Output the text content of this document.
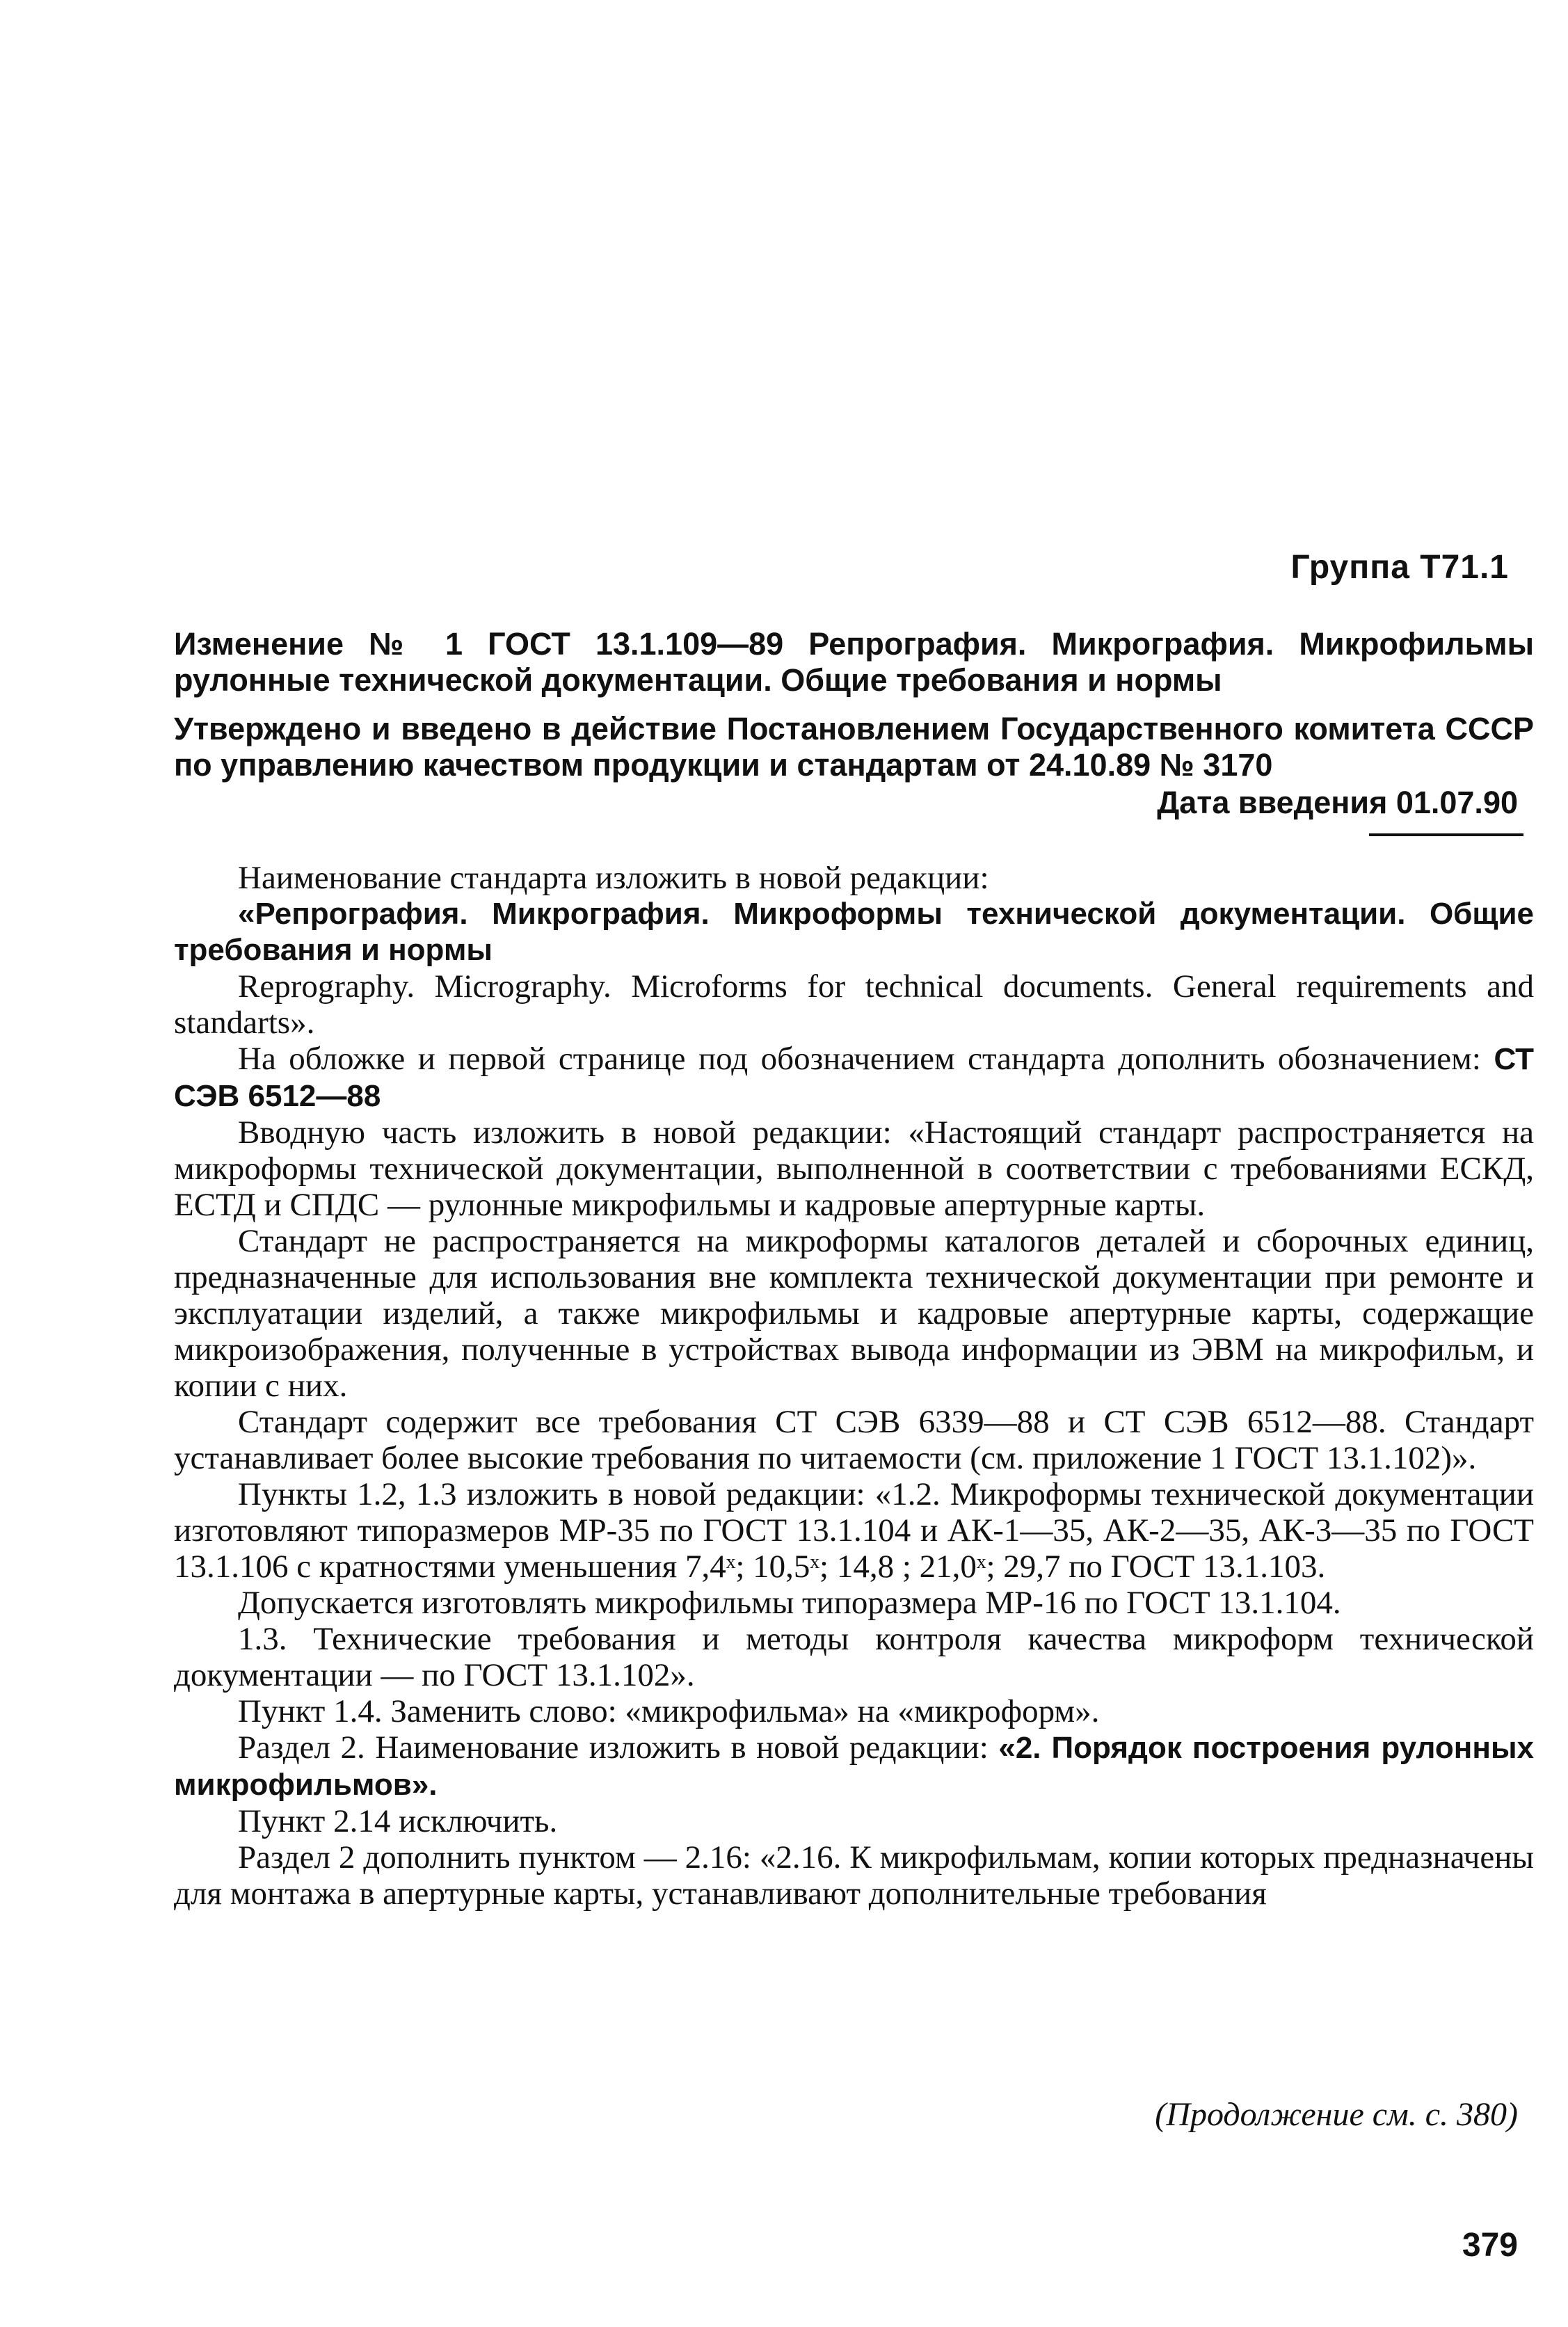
Группа Т71.1
Изменение № 1 ГОСТ 13.1.109—89 Репрография. Микрография. Микрофильмы рулонные технической документации. Общие требования и нормы
Утверждено и введено в действие Постановлением Государственного комитета СССР по управлению качеством продукции и стандартам от 24.10.89 № 3170
Дата введения 01.07.90

Наименование стандарта изложить в новой редакции:

«Репрография. Микрография. Микроформы технической документации. Общие требования и нормы

Reprography. Micrography. Microforms for technical documents. General requirements and standarts».

На обложке и первой странице под обозначением стандарта дополнить обозначением: СТ СЭВ 6512—88

Вводную часть изложить в новой редакции: «Настоящий стандарт распространяется на микроформы технической документации, выполненной в соответствии с требованиями ЕСКД, ЕСТД и СПДС — рулонные микрофильмы и кадровые апертурные карты.

Стандарт не распространяется на микроформы каталогов деталей и сборочных единиц, предназначенные для использования вне комплекта технической документации при ремонте и эксплуатации изделий, а также микрофильмы и кадровые апертурные карты, содержащие микроизображения, полученные в устройствах вывода информации из ЭВМ на микрофильм, и копии с них.

Стандарт содержит все требования СТ СЭВ 6339—88 и СТ СЭВ 6512—88. Стандарт устанавливает более высокие требования по читаемости (см. приложение 1 ГОСТ 13.1.102)».

Пункты 1.2, 1.3 изложить в новой редакции: «1.2. Микроформы технической документации изготовляют типоразмеров МР-35 по ГОСТ 13.1.104 и АК-1—35, АК-2—35, АК-3—35 по ГОСТ 13.1.106 с кратностями уменьшения 7,4ˣ; 10,5ˣ; 14,8 ; 21,0ˣ; 29,7 по ГОСТ 13.1.103.

Допускается изготовлять микрофильмы типоразмера МР-16 по ГОСТ 13.1.104.

1.3. Технические требования и методы контроля качества микроформ технической документации — по ГОСТ 13.1.102».

Пункт 1.4. Заменить слово: «микрофильма» на «микроформ».

Раздел 2. Наименование изложить в новой редакции: «2. Порядок построения рулонных микрофильмов».

Пункт 2.14 исключить.

Раздел 2 дополнить пунктом — 2.16: «2.16. К микрофильмам, копии которых предназначены для монтажа в апертурные карты, устанавливают дополнительные требования

(Продолжение см. с. 380)
379
